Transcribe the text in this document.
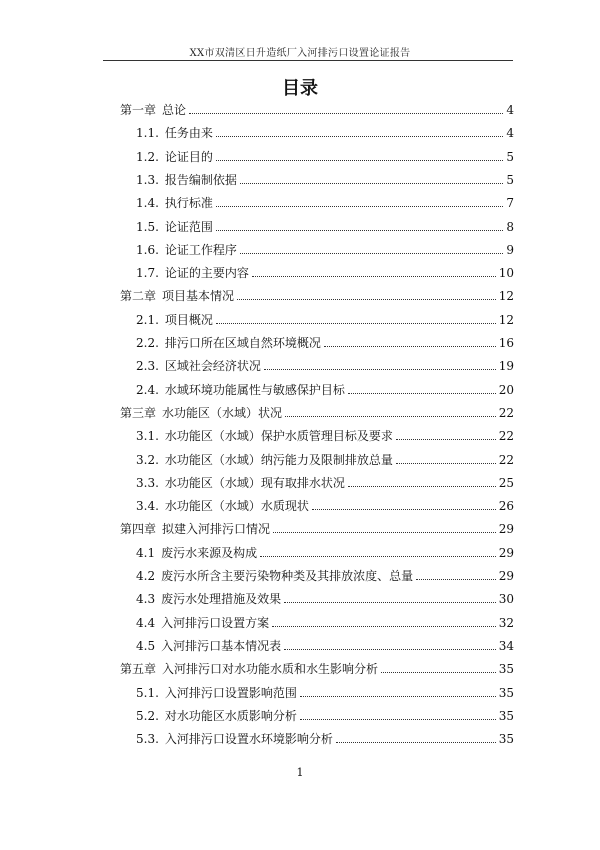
XX市双清区日升造纸厂入河排污口设置论证报告
目录
第一章 总论	4
1.1. 任务由来	4
1.2. 论证目的	5
1.3. 报告编制依据	5
1.4. 执行标准	7
1.5. 论证范围	8
1.6. 论证工作程序	9
1.7. 论证的主要内容	10
第二章 项目基本情况	12
2.1. 项目概况	12
2.2. 排污口所在区域自然环境概况	16
2.3. 区域社会经济状况	19
2.4. 水域环境功能属性与敏感保护目标	20
第三章 水功能区（水域）状况	22
3.1. 水功能区（水域）保护水质管理目标及要求	22
3.2. 水功能区（水域）纳污能力及限制排放总量	22
3.3. 水功能区（水域）现有取排水状况	25
3.4. 水功能区（水域）水质现状	26
第四章 拟建入河排污口情况	29
4.1 废污水来源及构成	29
4.2 废污水所含主要污染物种类及其排放浓度、总量	29
4.3 废污水处理措施及效果	30
4.4 入河排污口设置方案	32
4.5 入河排污口基本情况表	34
第五章 入河排污口对水功能水质和水生影响分析	35
5.1. 入河排污口设置影响范围	35
5.2. 对水功能区水质影响分析	35
5.3. 入河排污口设置水环境影响分析	35
1
